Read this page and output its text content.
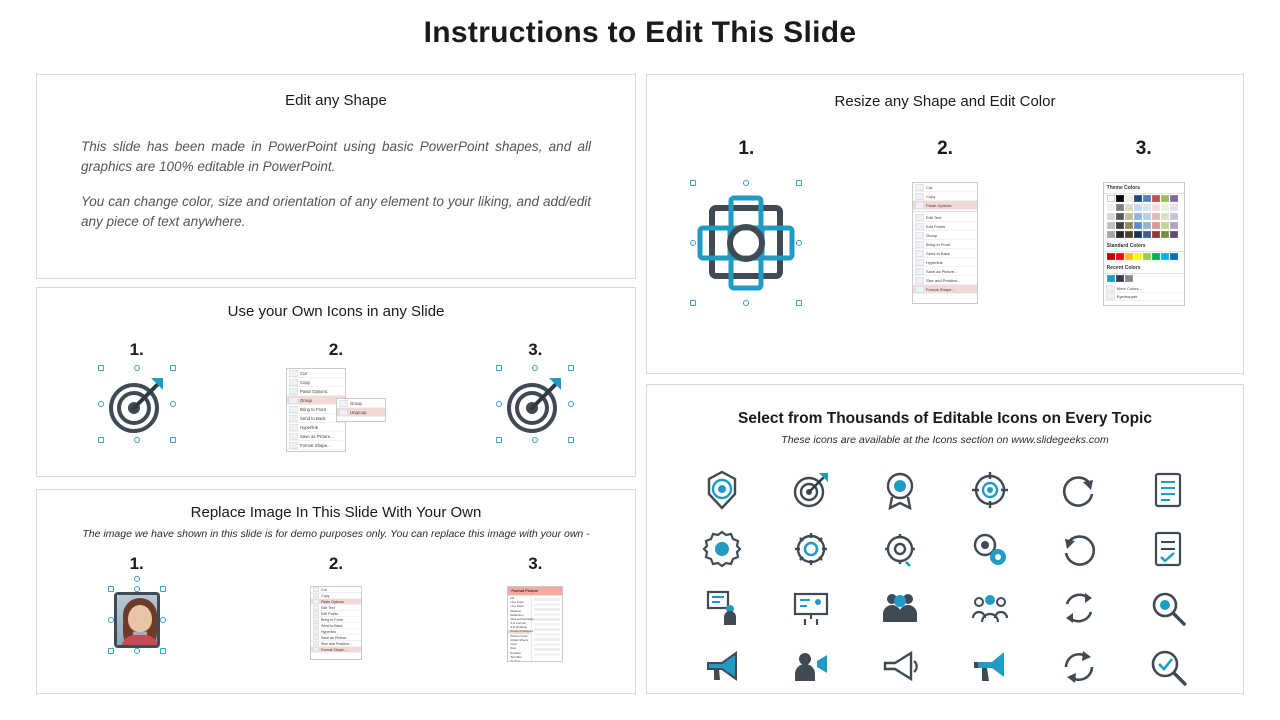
Instructions to Edit This Slide
Edit any Shape
This slide has been made in PowerPoint using basic PowerPoint shapes, and all graphics are 100% editable in PowerPoint.
You can change color, size and orientation of any element to your liking, and add/edit any piece of text anywhere.
Use your Own Icons in any Slide
1.	2.
Cut
Copy
Paste Options:
Group
Bring to Front
Send to Back
Hyperlink
Save as Picture...
Format Shape...
Group
Ungroup
3.
Replace Image In This Slide With Your Own
The image we have shown in this slide is for demo purposes only. You can replace this image with your own -
1.	2.
Cut
Copy
Paste Options:
Edit Text
Edit Points
Bring to Front
Send to Back
Hyperlink
Save as Picture...
Size and Position...
Format Shape...
3.
Format Picture
Fill
Line Color
Line Style
Shadow
Reflection
Glow and Soft Edges
3-D Format
3-D Rotation
Picture Corrections
Picture Color
Artistic Effects
Crop
Size
Position
Text Box
Alt Text
Resize any Shape and Edit Color
1.	2.
Cut
Copy
Paste Options:
Edit Text
Edit Points
Group
Bring to Front
Send to Back
Hyperlink
Save as Picture...
Size and Position...
Format Shape...
3.
Theme Colors
Standard Colors
Recent Colors
More Colors...
Eyedropper
Select from Thousands of Editable Icons on Every Topic
These icons are available at the Icons section on www.slidegeeks.com
